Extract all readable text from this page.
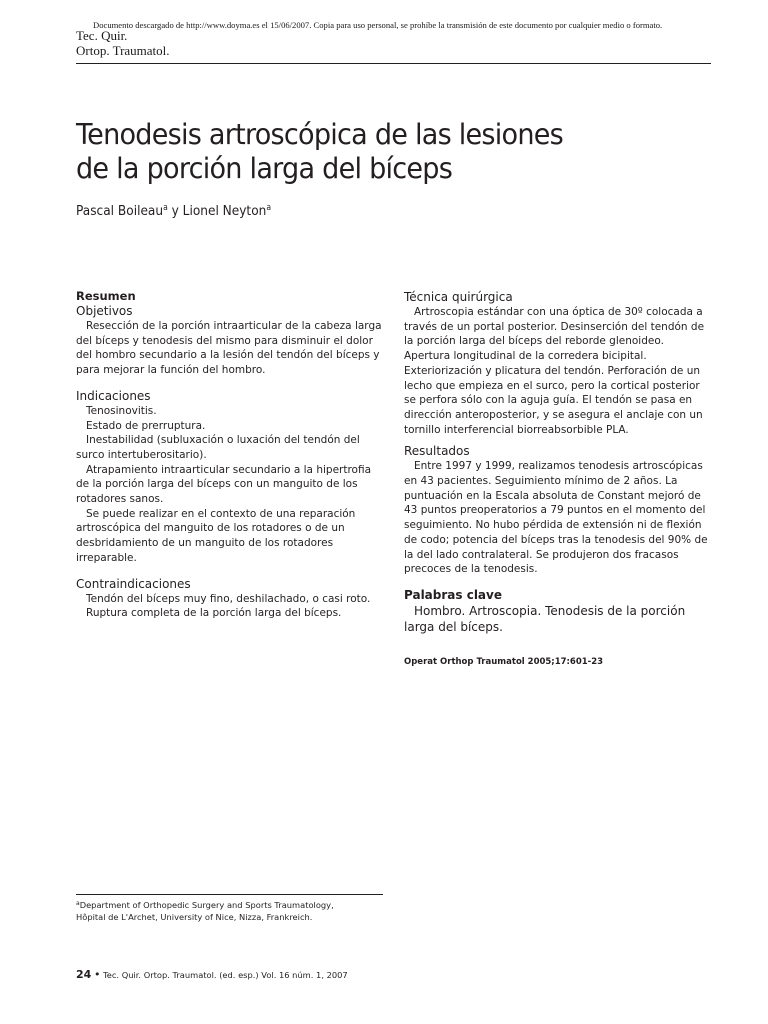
Documento descargado de http://www.doyma.es el 15/06/2007. Copia para uso personal, se prohíbe la transmisión de este documento por cualquier medio o formato.
Tec. Quir.
Ortop. Traumatol.
Tenodesis artroscópica de las lesiones
de la porción larga del bíceps
Pascal Boileau$^a$ y Lionel Neyton$^a$
Resumen
Objetivos

Resección de la porción intraarticular de la cabeza larga del bíceps y tenodesis del mismo para disminuir el dolor del hombro secundario a la lesión del tendón del bíceps y para mejorar la función del hombro.

Indicaciones

Tenosinovitis.

Estado de prerruptura.

Inestabilidad (subluxación o luxación del tendón del surco intertuberositario).

Atrapamiento intraarticular secundario a la hipertrofia de la porción larga del bíceps con un manguito de los rotadores sanos.

Se puede realizar en el contexto de una reparación artroscópica del manguito de los rotadores o de un desbridamiento de un manguito de los rotadores irreparable.

Contraindicaciones

Tendón del bíceps muy fino, deshilachado, o casi roto.

Ruptura completa de la porción larga del bíceps.

Técnica quirúrgica

Artroscopia estándar con una óptica de 30º colocada a través de un portal posterior. Desinserción del tendón de la porción larga del bíceps del reborde glenoideo. Apertura longitudinal de la corredera bicipital. Exteriorización y plicatura del tendón. Perforación de un lecho que empieza en el surco, pero la cortical posterior se perfora sólo con la aguja guía. El tendón se pasa en dirección anteroposterior, y se asegura el anclaje con un tornillo interferencial biorreabsorbible PLA.

Resultados

Entre 1997 y 1999, realizamos tenodesis artroscópicas en 43 pacientes. Seguimiento mínimo de 2 años. La puntuación en la Escala absoluta de Constant mejoró de 43 puntos preoperatorios a 79 puntos en el momento del seguimiento. No hubo pérdida de extensión ni de flexión de codo; potencia del bíceps tras la tenodesis del 90% de la del lado contralateral. Se produjeron dos fracasos precoces de la tenodesis.

Palabras clave

Hombro. Artroscopia. Tenodesis de la porción larga del bíceps.

Operat Orthop Traumatol 2005;17:601-23
$^a$Department of Orthopedic Surgery and Sports Traumatology,
Hôpital de L'Archet, University of Nice, Nizza, Frankreich.
24 • Tec. Quir. Ortop. Traumatol. (ed. esp.) Vol. 16 núm. 1, 2007
